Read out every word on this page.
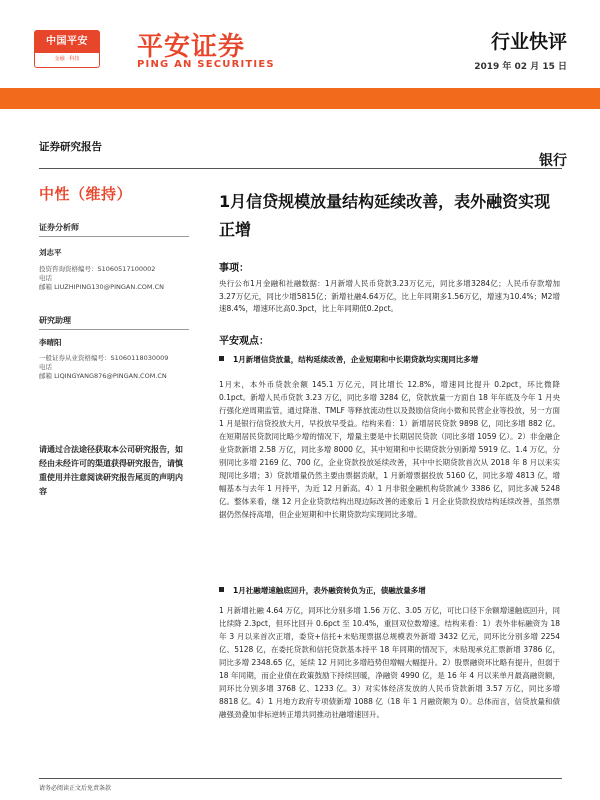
中国平安
金融 · 科技	平安证券
PING AN SECURITIES
行业快评
2019 年 02 月 15 日
证券研究报告
银行
中性（维持）
证券分析师
刘志平
投资咨询资格编号：S1060517100002
电话
邮箱 LIUZHIPING130@PINGAN.COM.CN
研究助理
李晴阳
一般证券从业资格编号：S1060118030009
电话
邮箱 LIQINGYANG876@PINGAN.COM.CN
请通过合法途径获取本公司研究报告，如经由未经许可的渠道获得研究报告，请慎重使用并注意阅读研究报告尾页的声明内容
1月信贷规模放量结构延续改善，表外融资实现正增
事项：
央行公布1月金融和社融数据：1月新增人民币贷款3.23万亿元，同比多增3284亿；人民币存款增加3.27万亿元，同比少增5815亿；新增社融4.64万亿，比上年同期多1.56万亿，增速为10.4%；M2增速8.4%，增速环比高0.3pct，比上年同期低0.2pct。
平安观点：
1月新增信贷放量，结构延续改善，企业短期和中长期贷款均实现同比多增
1月末，本外币贷款余额 145.1 万亿元，同比增长 12.8%，增速同比提升 0.2pct，环比微降 0.1pct。新增人民币贷款 3.23 万亿，同比多增 3284 亿，贷款放量一方面自 18 年年底及今年 1 月央行强化逆周期监管，通过降准、TMLF 等释放流动性以及鼓励信贷向小微和民营企业等投放，另一方面 1 月是银行信贷投放大月，早投放早受益。结构来看：1）新增居民贷款 9898 亿，同比多增 882 亿。在短期居民贷款同比略少增的情况下，增量主要是中长期居民贷款（同比多增 1059 亿）。2）非金融企业贷款新增 2.58 万亿，同比多增 8000 亿，其中短期和中长期贷款分别新增 5919 亿、1.4 万亿，分别同比多增 2169 亿、700 亿，企业贷款投放延续改善，其中中长期贷款首次从 2018 年 8 月以来实现同比多增；3）贷款增量仍然主要由票据贡献，1 月新增票据投放 5160 亿，同比多增 4813 亿，增幅基本与去年 1 月持平，为近 12 月新高。4）1 月非银金融机构贷款减少 3386 亿，同比多减 5248 亿。整体来看，继 12 月企业贷款结构出现边际改善的迹象后 1 月企业贷款投放结构延续改善，虽然票据仍然保持高增，但企业短期和中长期贷款均实现同比多增。
1月社融增速触底回升，表外融资转负为正，债融放量多增
1 月新增社融 4.64 万亿，同环比分别多增 1.56 万亿、3.05 万亿，可比口径下余额增速触底回升，同比续降 2.3pct，但环比回升 0.6pct 至 10.4%，重回双位数增速。结构来看：1）表外非标融资为 18 年 3 月以来首次正增，委贷+信托+未贴现票据总规模表外新增 3432 亿元，同环比分别多增 2254 亿、5128 亿，在委托贷款和信托贷款基本持平 18 年同期的情况下，未贴现承兑汇票新增 3786 亿，同比多增 2348.65 亿，延续 12 月同比多增趋势但增幅大幅提升。2）股票融资环比略有提升，但弱于 18 年同期，而企业债在政策鼓励下持续回暖，净融资 4990 亿，是 16 年 4 月以来单月最高融资额，同环比分别多增 3768 亿、1233 亿。3）对实体经济发放的人民币贷款新增 3.57 万亿，同比多增 8818 亿。4）1 月地方政府专项债新增 1088 亿（18 年 1 月融资额为 0）。总体而言，信贷放量和债融强劲叠加非标逆转正增共同推动社融增速回升。
请务必阅读正文后免责条款
